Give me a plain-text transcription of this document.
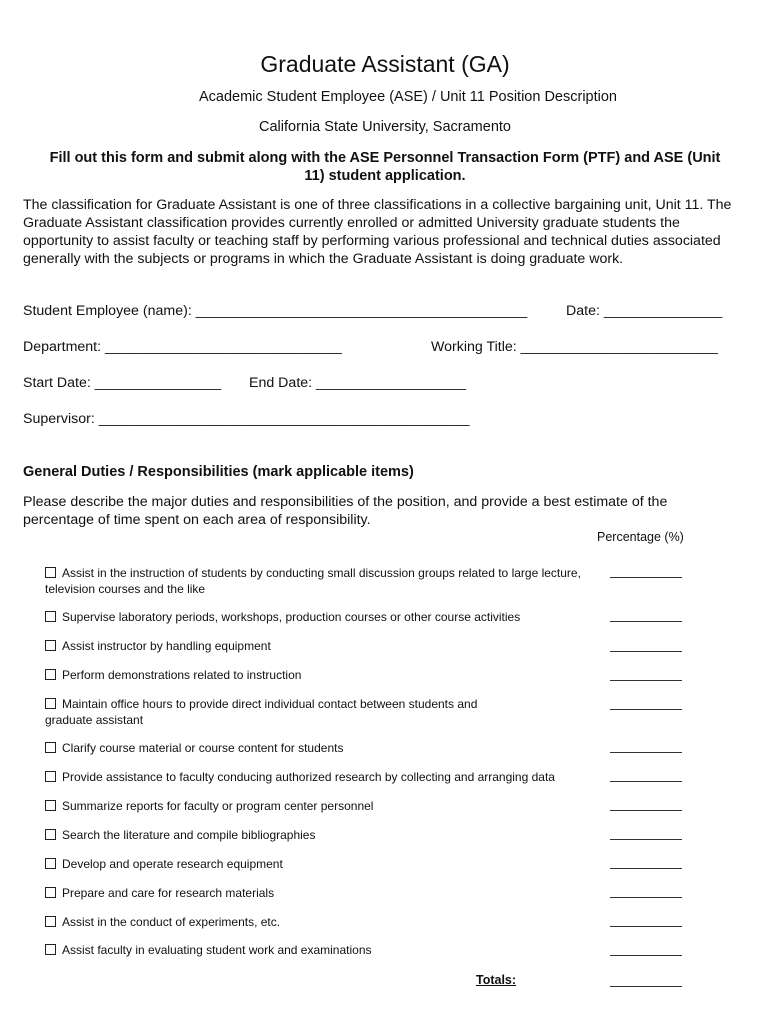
Graduate Assistant (GA)
Academic Student Employee (ASE) / Unit 11 Position Description
California State University, Sacramento
Fill out this form and submit along with the ASE Personnel Transaction Form (PTF) and ASE (Unit 11) student application.
The classification for Graduate Assistant is one of three classifications in a collective bargaining unit, Unit 11. The Graduate Assistant classification provides currently enrolled or admitted University graduate students the opportunity to assist faculty or teaching staff by performing various professional and technical duties associated generally with the subjects or programs in which the Graduate Assistant is doing graduate work.
Student Employee (name): __________________________________________	Date: _______________
Department: ______________________________	Working Title: _________________________
Start Date: ________________ End Date: ___________________
Supervisor: _______________________________________________
General Duties / Responsibilities (mark applicable items)
Please describe the major duties and responsibilities of the position, and provide a best estimate of the percentage of time spent on each area of responsibility.
Percentage (%)
Assist in the instruction of students by conducting small discussion groups related to large lecture, television courses and the like
Supervise laboratory periods, workshops, production courses or other course activities
Assist instructor by handling equipment
Perform demonstrations related to instruction
Maintain office hours to provide direct individual contact between students and graduate assistant
Clarify course material or course content for students
Provide assistance to faculty conducing authorized research by collecting and arranging data
Summarize reports for faculty or program center personnel
Search the literature and compile bibliographies
Develop and operate research equipment
Prepare and care for research materials
Assist in the conduct of experiments, etc.
Assist faculty in evaluating student work and examinations
Totals:
